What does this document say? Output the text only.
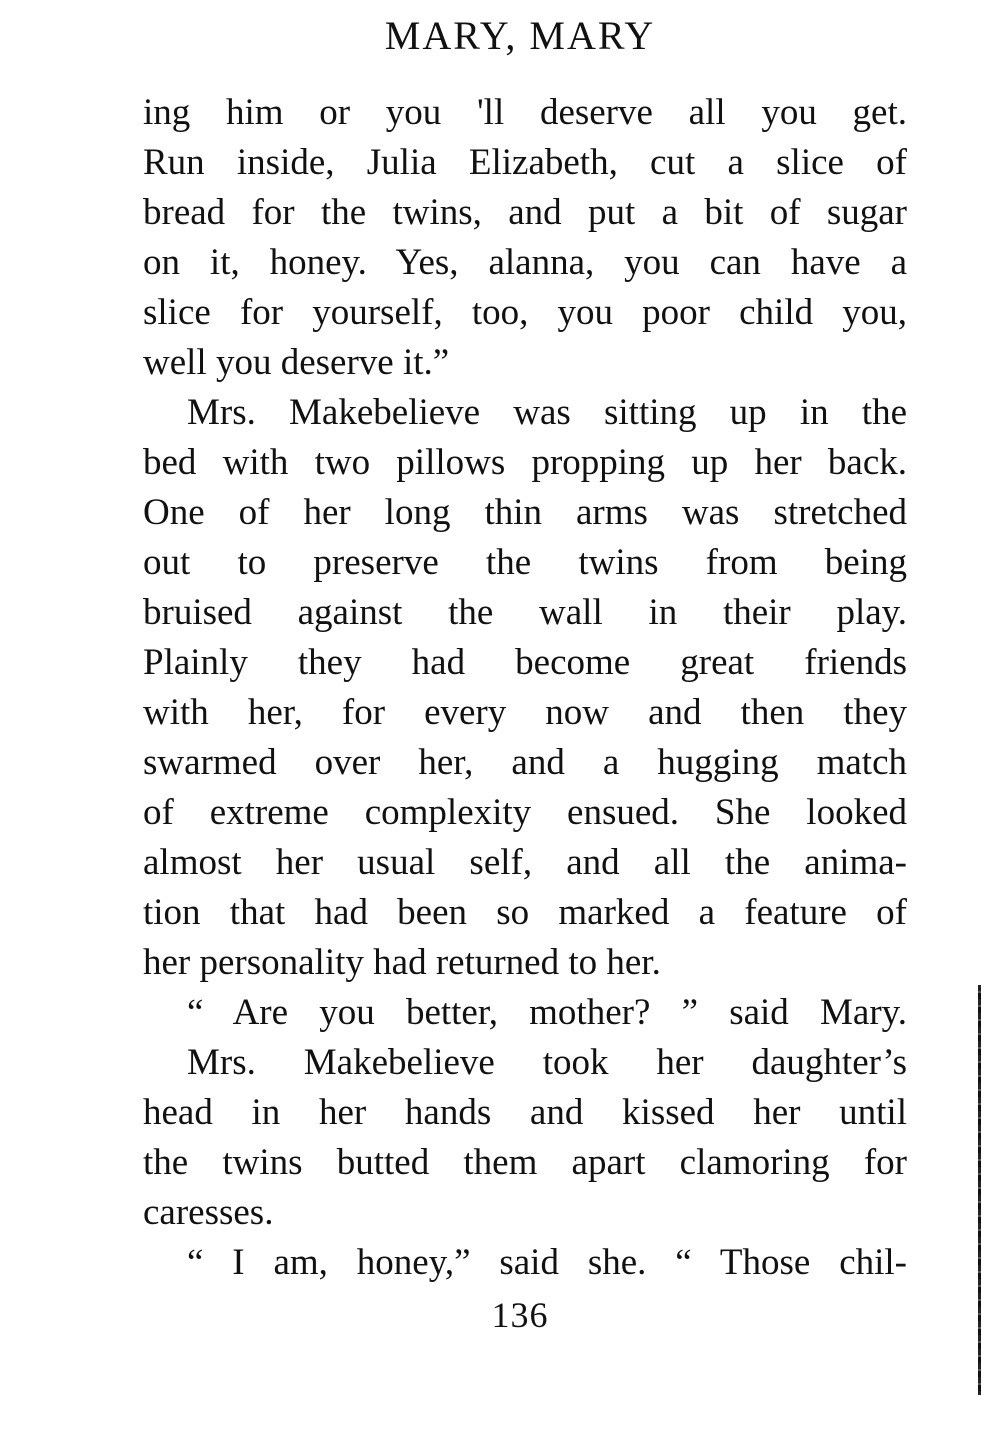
MARY, MARY
ing him or you 'll deserve all you get.
Run inside, Julia Elizabeth, cut a slice of
bread for the twins, and put a bit of sugar
on it, honey. Yes, alanna, you can have a
slice for yourself, too, you poor child you,
well you deserve it.”
Mrs. Makebelieve was sitting up in the
bed with two pillows propping up her back.
One of her long thin arms was stretched
out to preserve the twins from being
bruised against the wall in their play.
Plainly they had become great friends
with her, for every now and then they
swarmed over her, and a hugging match
of extreme complexity ensued. She looked
almost her usual self, and all the anima-
tion that had been so marked a feature of
her personality had returned to her.
“ Are you better, mother? ” said Mary.
Mrs. Makebelieve took her daughter’s
head in her hands and kissed her until
the twins butted them apart clamoring for
caresses.
“ I am, honey,” said she. “ Those chil-
136
